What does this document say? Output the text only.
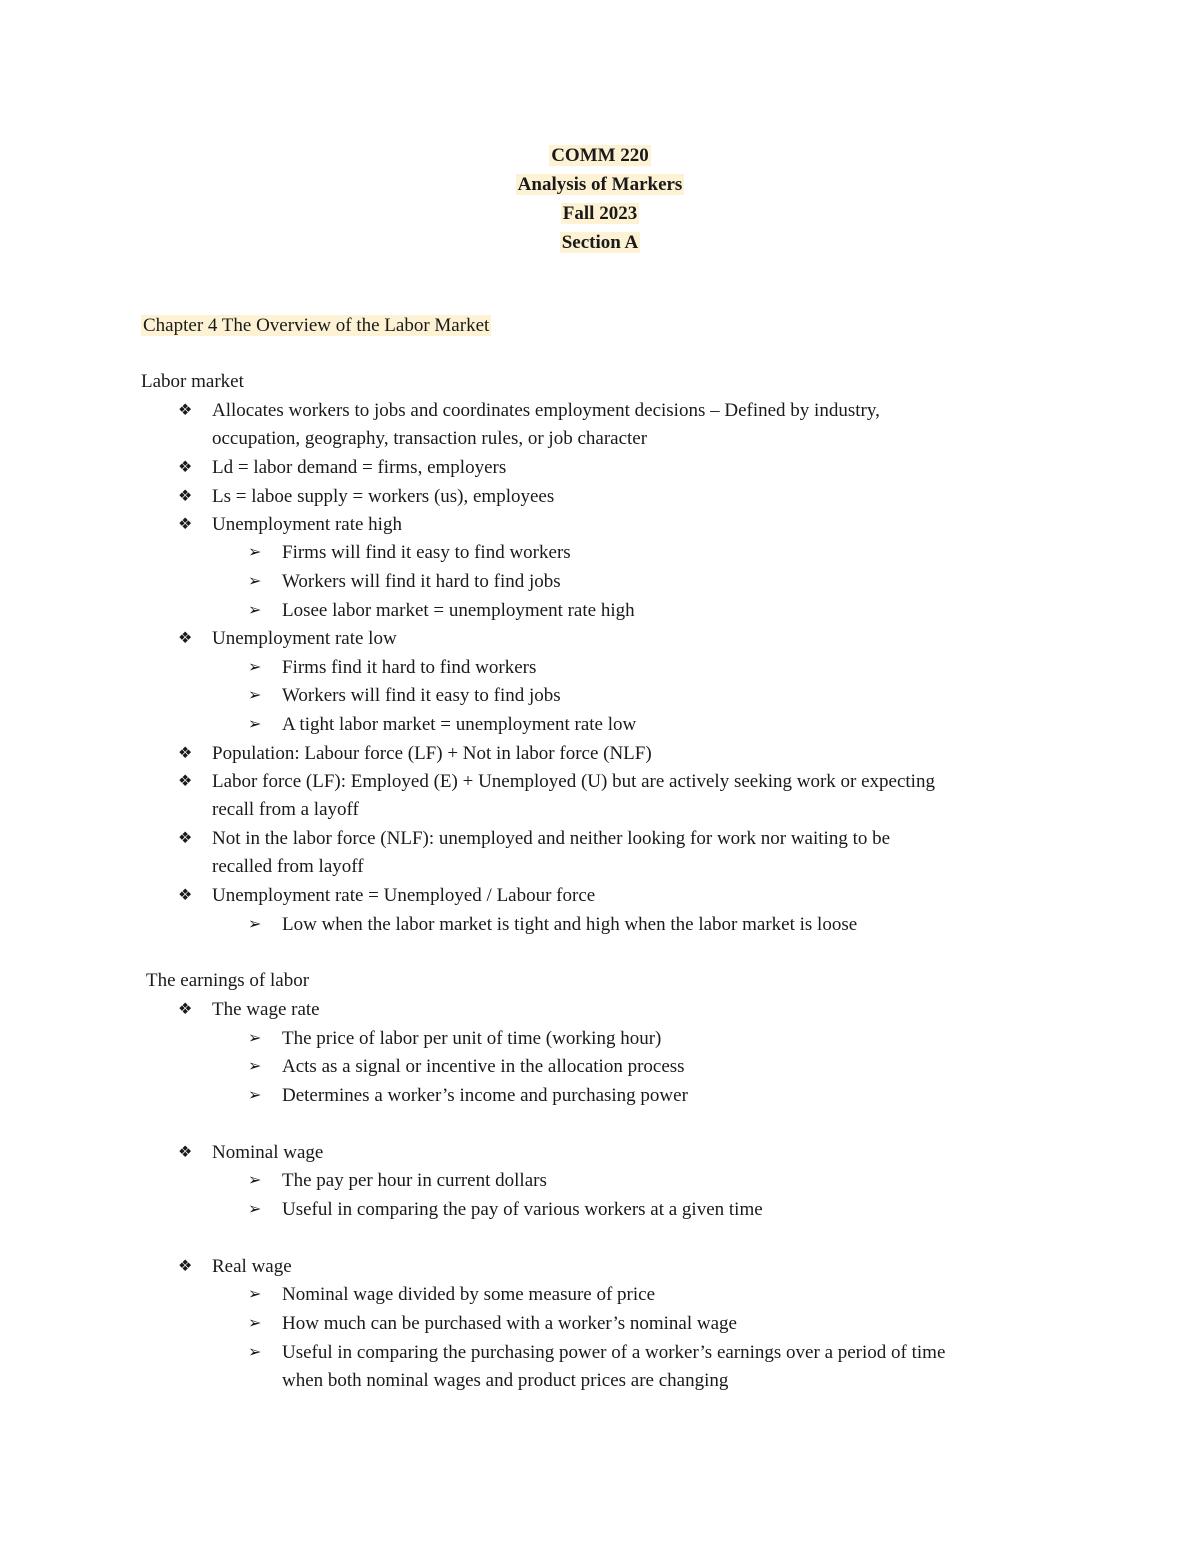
COMM 220
Analysis of Markers
Fall 2023
Section A
Chapter 4 The Overview of the Labor Market
Labor market
❖ Allocates workers to jobs and coordinates employment decisions – Defined by industry,
occupation, geography, transaction rules, or job character
❖ Ld = labor demand = firms, employers
❖ Ls = laboe supply = workers (us), employees
❖ Unemployment rate high
➢ Firms will find it easy to find workers
➢ Workers will find it hard to find jobs
➢ Losee labor market = unemployment rate high
❖ Unemployment rate low
➢ Firms find it hard to find workers
➢ Workers will find it easy to find jobs
➢ A tight labor market = unemployment rate low
❖ Population: Labour force (LF) + Not in labor force (NLF)
❖ Labor force (LF): Employed (E) + Unemployed (U) but are actively seeking work or expecting
recall from a layoff
❖ Not in the labor force (NLF): unemployed and neither looking for work nor waiting to be
recalled from layoff
❖ Unemployment rate = Unemployed / Labour force
➢ Low when the labor market is tight and high when the labor market is loose
The earnings of labor
❖ The wage rate
➢ The price of labor per unit of time (working hour)
➢ Acts as a signal or incentive in the allocation process
➢ Determines a worker’s income and purchasing power
❖ Nominal wage
➢ The pay per hour in current dollars
➢ Useful in comparing the pay of various workers at a given time
❖ Real wage
➢ Nominal wage divided by some measure of price
➢ How much can be purchased with a worker’s nominal wage
➢ Useful in comparing the purchasing power of a worker’s earnings over a period of time
when both nominal wages and product prices are changing
